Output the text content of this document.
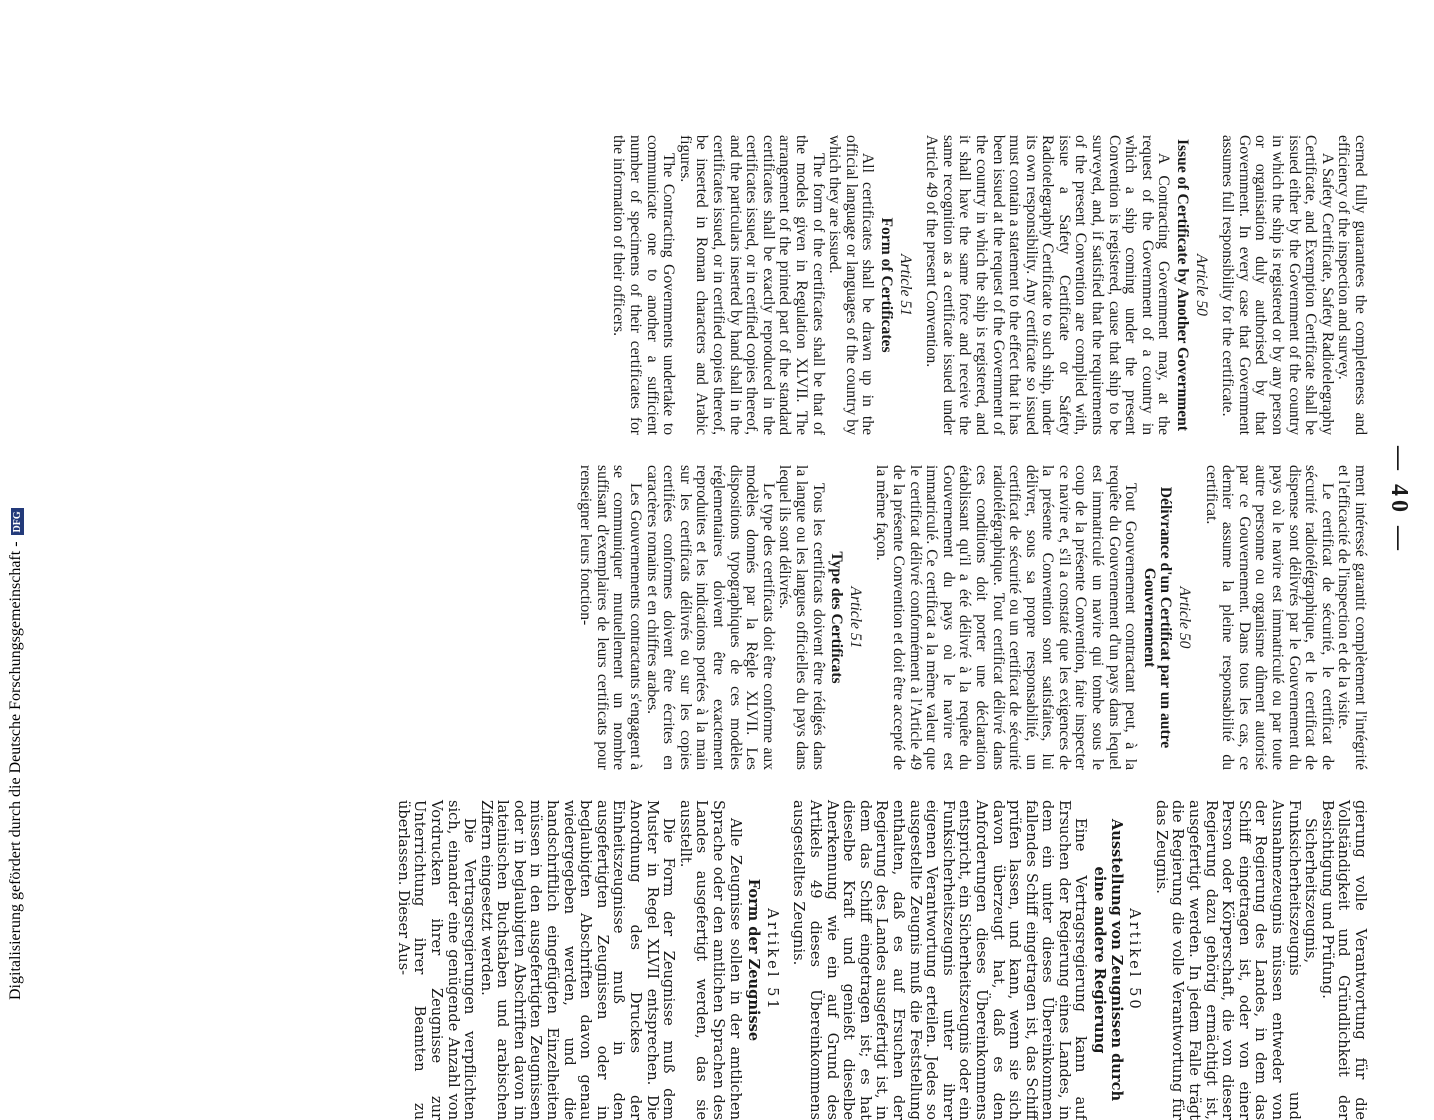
— 40 —

cerned fully guarantees the completeness and efficiency of the inspection and survey.

A Safety Certificate, Safety Radiotelegraphy Certificate, and Exemption Certificate shall be issued either by the Government of the country in which the ship is registered or by any person or organisation duly authorised by that Government. In every case that Government assumes full responsibility for the certificate.

Article 50
Issue of Certificate by Another Government

A Contracting Government may, at the request of the Government of a country in which a ship coming under the present Convention is registered, cause that ship to be surveyed, and, if satisfied that the requirements of the present Convention are complied with, issue a Safety Certificate or Safety Radiotelegraphy Certificate to such ship, under its own responsibility. Any certificate so issued must contain a statement to the effect that it has been issued at the request of the Government of the country in which the ship is registered, and it shall have the same force and receive the same recognition as a certificate issued under Article 49 of the present Convention.

Article 51
Form of Certificates

All certificates shall be drawn up in the official language or languages of the country by which they are issued.

The form of the certificates shall be that of the models given in Regulation XLVII. The arrangement of the printed part of the standard certificates shall be exactly reproduced in the certificates issued, or in certified copies thereof, and the particulars inserted by hand shall in the certificates issued, or in certified copies thereof, be inserted in Roman characters and Arabic figures.

The Contracting Governments undertake to communicate one to another a sufficient number of specimens of their certificates for the information of their officers.

ment intéressé garantit complètement l'intégrité et l'efficacité de l'inspection et de la visite.

Le certificat de sécurité, le certificat de sécurité radiotélégraphique, et le certificat de dispense sont délivrés par le Gouvernement du pays où le navire est immatriculé ou par toute autre personne ou organisme dûment autorisé par ce Gouvernement. Dans tous les cas, ce dernier assume la pleine responsabilité du certificat.

Article 50
Délivrance d'un Certificat par un autre Gouvernement

Tout Gouvernement contractant peut, à la requête du Gouvernement d'un pays dans lequel est immatriculé un navire qui tombe sous le coup de la présente Convention, faire inspecter ce navire et, s'il a constaté que les exigences de la présente Convention sont satisfaites, lui délivrer, sous sa propre responsabilité, un certificat de sécurité ou un certificat de sécurité radiotélégraphique. Tout certificat délivré dans ces conditions doit porter une déclaration établissant qu'il a été délivré à la requête du Gouvernement du pays où le navire est immatriculé. Ce certificat a la même valeur que le certificat délivré conformément à l'Article 49 de la présente Convention et doit être accepté de la même façon.

Article 51
Type des Certificats

Tous les certificats doivent être rédigés dans la langue ou les langues officielles du pays dans lequel ils sont délivrés.

Le type des certificats doit être conforme aux modèles donnés par la Règle XLVII. Les dispositions typographiques de ces modèles réglementaires doivent être exactement reproduites et les indications portées à la main sur les certificats délivrés ou sur les copies certifiées conformes doivent être écrites en caractères romains et en chiffres arabes.

Les Gouvernements contractants s'engagent à se communiquer mutuellement un nombre suffisant d'exemplaires de leurs certificats pour renseigner leurs fonction-

gierung volle Verantwortung für die Vollständigkeit und Gründlichkeit der Besichtigung und Prüfung.

Sicherheitszeugnis, Funksicherheitszeugnis und Ausnahmezeugnis müssen entweder von der Regierung des Landes, in dem das Schiff eingetragen ist, oder von einer Person oder Körperschaft, die von dieser Regierung dazu gehörig ermächtigt ist, ausgefertigt werden. In jedem Falle trägt die Regierung die volle Verantwortung für das Zeugnis.

Artikel 50
Ausstellung von Zeugnissen durch eine andere Regierung

Eine Vertragsregierung kann auf Ersuchen der Regierung eines Landes, in dem ein unter dieses Übereinkommen fallendes Schiff eingetragen ist, das Schiff prüfen lassen, und kann, wenn sie sich davon überzeugt hat, daß es den Anforderungen dieses Übereinkommens entspricht, ein Sicherheitszeugnis oder ein Funksicherheitszeugnis unter ihrer eigenen Verantwortung erteilen. Jedes so ausgestellte Zeugnis muß die Feststellung enthalten, daß es auf Ersuchen der Regierung des Landes ausgefertigt ist, in dem das Schiff eingetragen ist; es hat dieselbe Kraft und genießt dieselbe Anerkennung wie ein auf Grund des Artikels 49 dieses Übereinkommens ausgestelltes Zeugnis.

Artikel 51
Form der Zeugnisse

Alle Zeugnisse sollen in der amtlichen Sprache oder den amtlichen Sprachen des Landes ausgefertigt werden, das sie ausstellt.

Die Form der Zeugnisse muß dem Muster in Regel XLVII entsprechen. Die Anordnung des Druckes der Einheitszeugnisse muß in den ausgefertigten Zeugnissen oder in beglaubigten Abschriften davon genau wiedergegeben werden, und die handschriftlich eingefügten Einzelheiten müssen in den ausgefertigten Zeugnissen oder in beglaubigten Abschriften davon in lateinischen Buchstaben und arabischen Ziffern eingesetzt werden.

Die Vertragsregierungen verpflichten sich, einander eine genügende Anzahl von Vordrucken ihrer Zeugnisse zur Unterrichtung ihrer Beamten zu überlassen. Dieser Aus-

Digitalisierung gefördert durch die Deutsche Forschungsgemeinschaft -DFG
